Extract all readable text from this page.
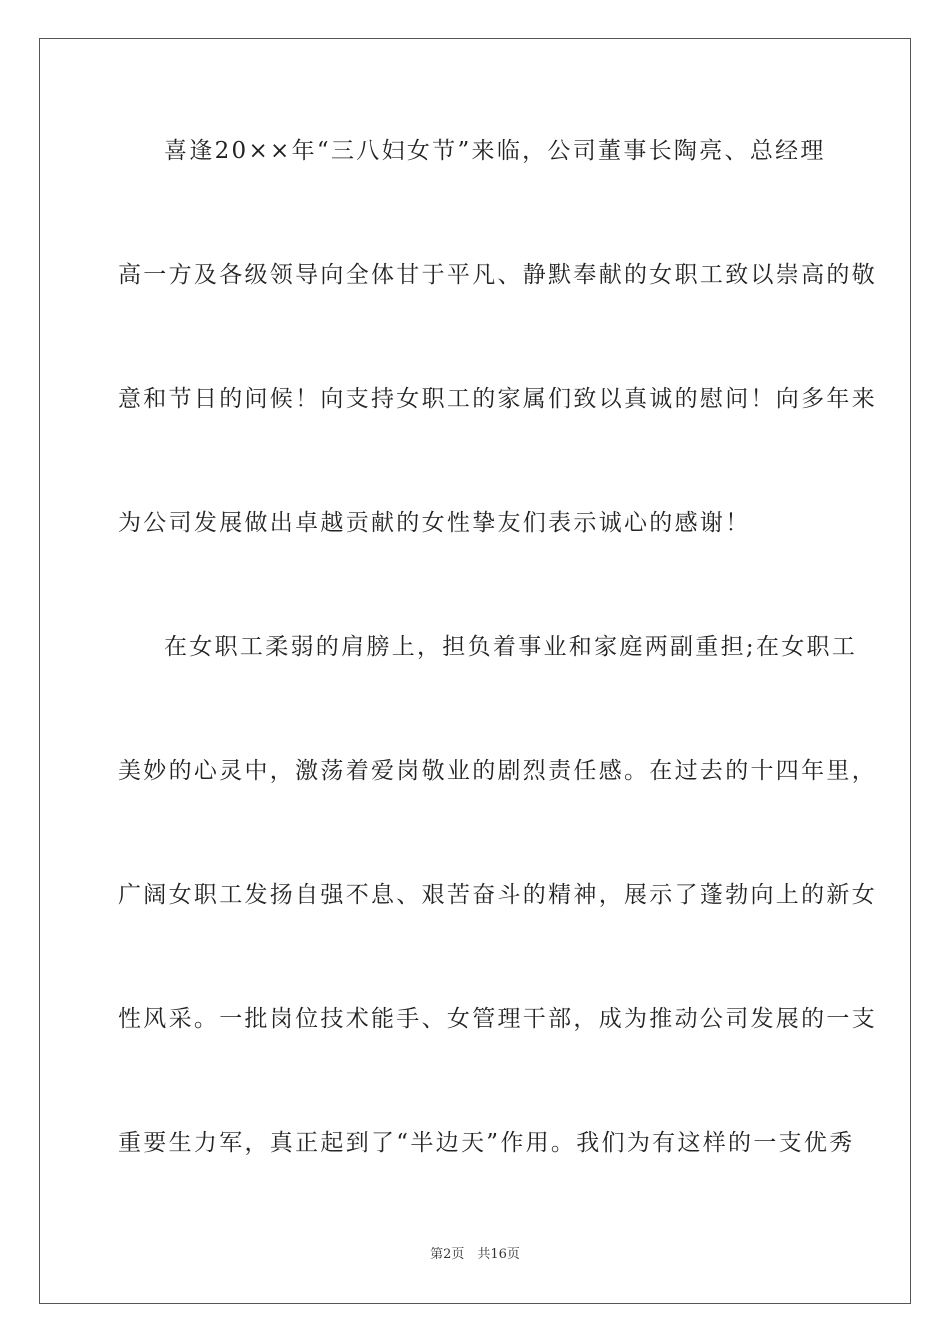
喜逢20××年“三八妇女节”来临，公司董事长陶亮、总经理
高一方及各级领导向全体甘于平凡、静默奉献的女职工致以崇高的敬
意和节日的问候！向支持女职工的家属们致以真诚的慰问！向多年来
为公司发展做出卓越贡献的女性挚友们表示诚心的感谢！
在女职工柔弱的肩膀上，担负着事业和家庭两副重担;在女职工
美妙的心灵中，激荡着爱岗敬业的剧烈责任感。在过去的十四年里，
广阔女职工发扬自强不息、艰苦奋斗的精神，展示了蓬勃向上的新女
性风采。一批岗位技术能手、女管理干部，成为推动公司发展的一支
重要生力军，真正起到了“半边天”作用。我们为有这样的一支优秀
第2页　共16页
